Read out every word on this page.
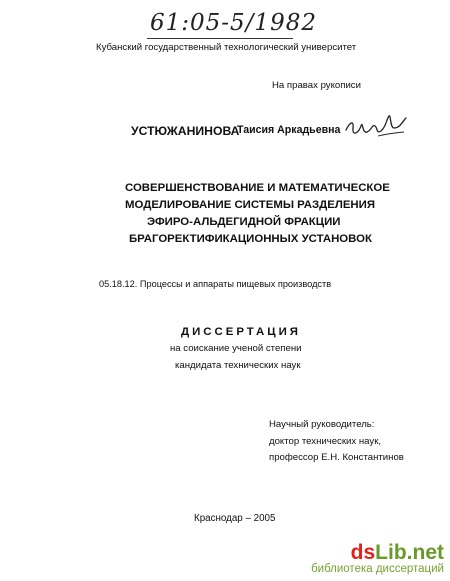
61:05-5/1982
Кубанский государственный технологический университет
На правах рукописи
УСТЮЖАНИНОВА
Таисия Аркадьевна
СОВЕРШЕНСТВОВАНИЕ И МАТЕМАТИЧЕСКОЕ
МОДЕЛИРОВАНИЕ СИСТЕМЫ РАЗДЕЛЕНИЯ
ЭФИРО-АЛЬДЕГИДНОЙ ФРАКЦИИ
БРАГОРЕКТИФИКАЦИОННЫХ УСТАНОВОК
05.18.12. Процессы и аппараты пищевых производств
ДИССЕРТАЦИЯ
на соискание ученой степени
кандидата технических наук
Научный руководитель:
доктор технических наук,
профессор Е.Н. Константинов
Краснодар – 2005
dsLib.net
библиотека диссертаций
